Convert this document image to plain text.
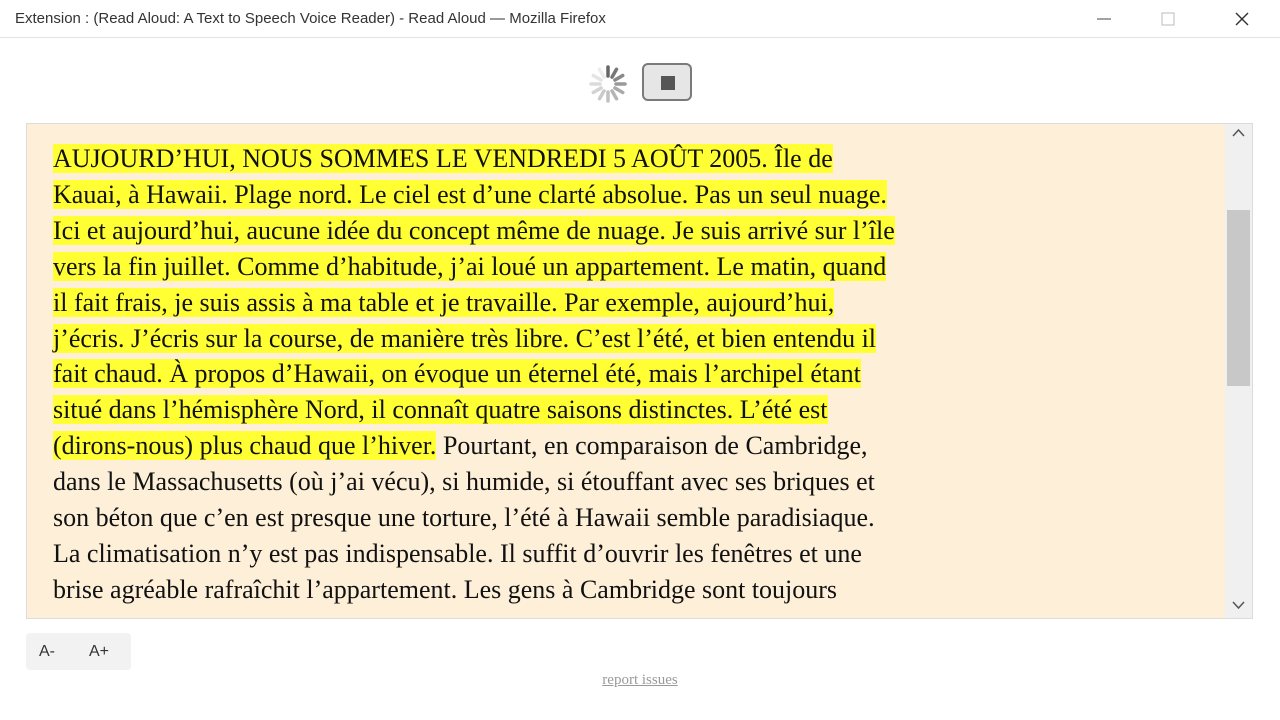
Extension : (Read Aloud: A Text to Speech Voice Reader) - Read Aloud — Mozilla Firefox
AUJOURD’HUI, NOUS SOMMES LE VENDREDI 5 AOÛT 2005. Île de
Kauai, à Hawaii. Plage nord. Le ciel est d’une clarté absolue. Pas un seul nuage.
Ici et aujourd’hui, aucune idée du concept même de nuage. Je suis arrivé sur l’île
vers la fin juillet. Comme d’habitude, j’ai loué un appartement. Le matin, quand
il fait frais, je suis assis à ma table et je travaille. Par exemple, aujourd’hui,
j’écris. J’écris sur la course, de manière très libre. C’est l’été, et bien entendu il
fait chaud. À propos d’Hawaii, on évoque un éternel été, mais l’archipel étant
situé dans l’hémisphère Nord, il connaît quatre saisons distinctes. L’été est
(dirons-nous) plus chaud que l’hiver. Pourtant, en comparaison de Cambridge,
dans le Massachusetts (où j’ai vécu), si humide, si étouffant avec ses briques et
son béton que c’en est presque une torture, l’été à Hawaii semble paradisiaque.
La climatisation n’y est pas indispensable. Il suffit d’ouvrir les fenêtres et une
brise agréable rafraîchit l’appartement. Les gens à Cambridge sont toujours
A- A+
report issues
